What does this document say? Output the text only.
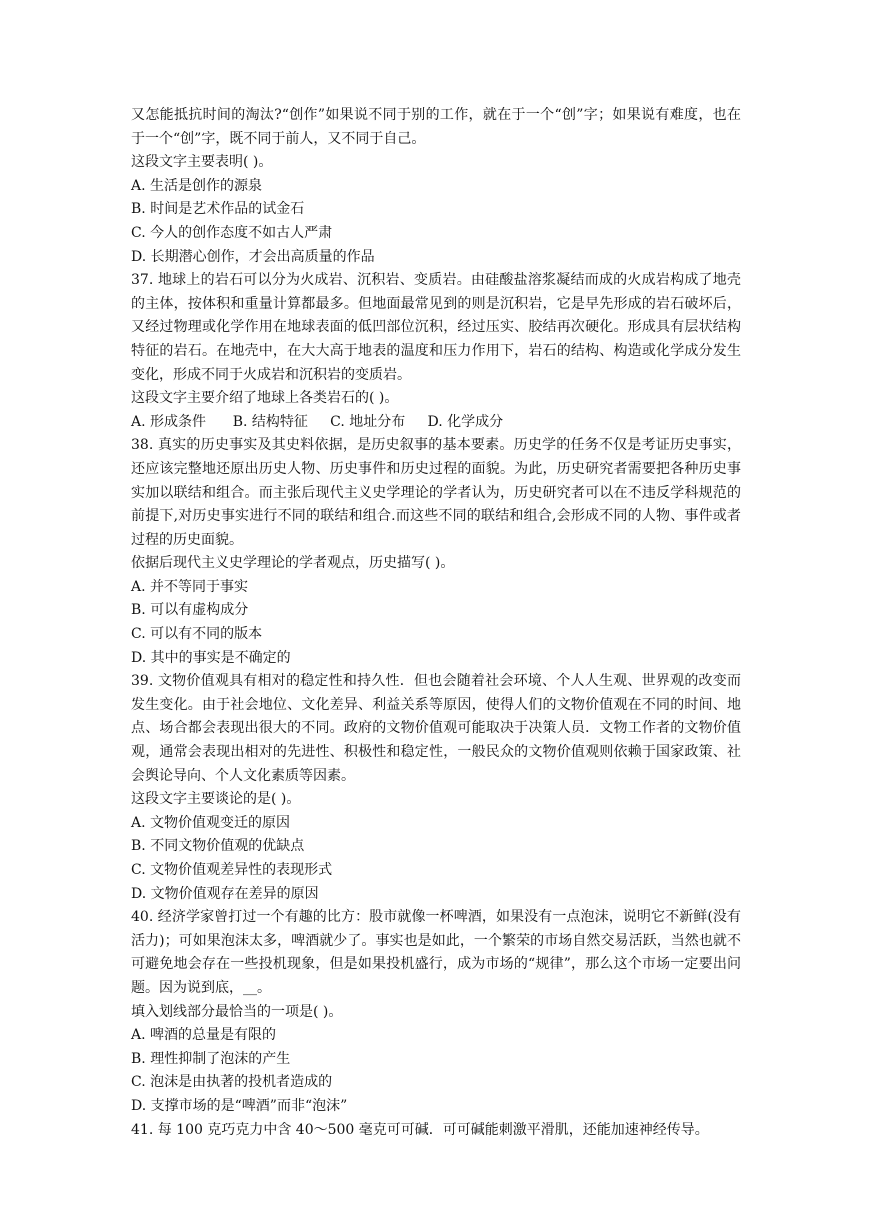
又怎能抵抗时间的淘汰?“创作”如果说不同于别的工作，就在于一个“创”字；如果说有难度，也在于一个“创”字，既不同于前人，又不同于自己。

这段文字主要表明( )。

A. 生活是创作的源泉

B. 时间是艺术作品的试金石

C. 今人的创作态度不如古人严肃

D. 长期潜心创作，才会出高质量的作品

37. 地球上的岩石可以分为火成岩、沉积岩、变质岩。由硅酸盐溶浆凝结而成的火成岩构成了地壳的主体，按体积和重量计算都最多。但地面最常见到的则是沉积岩，它是早先形成的岩石破坏后，又经过物理或化学作用在地球表面的低凹部位沉积，经过压实、胶结再次硬化。形成具有层状结构特征的岩石。在地壳中，在大大高于地表的温度和压力作用下，岩石的结构、构造或化学成分发生变化，形成不同于火成岩和沉积岩的变质岩。

这段文字主要介绍了地球上各类岩石的( )。

A. 形成条件      B. 结构特征     C. 地址分布     D. 化学成分

38. 真实的历史事实及其史料依据，是历史叙事的基本要素。历史学的任务不仅是考证历史事实，还应该完整地还原出历史人物、历史事件和历史过程的面貌。为此，历史研究者需要把各种历史事实加以联结和组合。而主张后现代主义史学理论的学者认为，历史研究者可以在不违反学科规范的前提下,对历史事实进行不同的联结和组合.而这些不同的联结和组合,会形成不同的人物、事件或者过程的历史面貌。

依据后现代主义史学理论的学者观点，历史描写( )。

A. 并不等同于事实

B. 可以有虚构成分

C. 可以有不同的版本

D. 其中的事实是不确定的

39. 文物价值观具有相对的稳定性和持久性．但也会随着社会环境、个人人生观、世界观的改变而发生变化。由于社会地位、文化差异、利益关系等原因，使得人们的文物价值观在不同的时间、地点、场合都会表现出很大的不同。政府的文物价值观可能取决于决策人员．文物工作者的文物价值观，通常会表现出相对的先进性、积极性和稳定性，一般民众的文物价值观则依赖于国家政策、社会舆论导向、个人文化素质等因素。

这段文字主要谈论的是( )。

A. 文物价值观变迁的原因

B. 不同文物价值观的优缺点

C. 文物价值观差异性的表现形式

D. 文物价值观存在差异的原因

40. 经济学家曾打过一个有趣的比方：股市就像一杯啤酒，如果没有一点泡沫，说明它不新鲜(没有活力)；可如果泡沫太多，啤酒就少了。事实也是如此，一个繁荣的市场自然交易活跃，当然也就不可避免地会存在一些投机现象，但是如果投机盛行，成为市场的“规律”，那么这个市场一定要出问题。因为说到底，__。

填入划线部分最恰当的一项是( )。

A. 啤酒的总量是有限的

B. 理性抑制了泡沫的产生

C. 泡沫是由执著的投机者造成的

D. 支撑市场的是“啤酒”而非“泡沫”

41. 每 100 克巧克力中含 40～500 毫克可可碱．可可碱能刺激平滑肌，还能加速神经传导。
